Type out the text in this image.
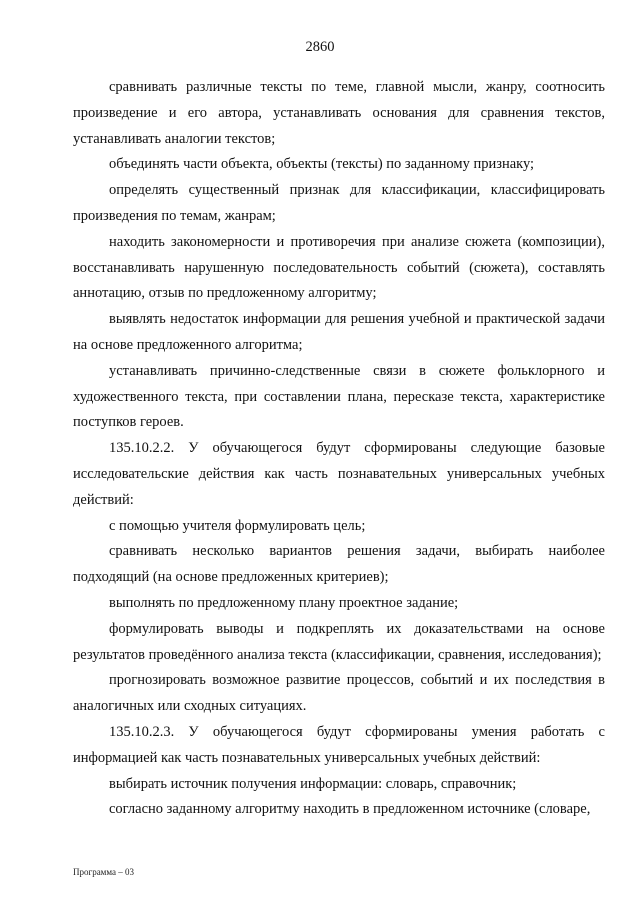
2860

сравнивать различные тексты по теме, главной мысли, жанру, соотносить произведение и его автора, устанавливать основания для сравнения текстов, устанавливать аналогии текстов;

объединять части объекта, объекты (тексты) по заданному признаку;

определять существенный признак для классификации, классифицировать произведения по темам, жанрам;

находить закономерности и противоречия при анализе сюжета (композиции), восстанавливать нарушенную последовательность событий (сюжета), составлять аннотацию, отзыв по предложенному алгоритму;

выявлять недостаток информации для решения учебной и практической задачи на основе предложенного алгоритма;

устанавливать причинно-следственные связи в сюжете фольклорного и художественного текста, при составлении плана, пересказе текста, характеристике поступков героев.

135.10.2.2. У обучающегося будут сформированы следующие базовые исследовательские действия как часть познавательных универсальных учебных действий:

с помощью учителя формулировать цель;

сравнивать несколько вариантов решения задачи, выбирать наиболее подходящий (на основе предложенных критериев);

выполнять по предложенному плану проектное задание;

формулировать выводы и подкреплять их доказательствами на основе результатов проведённого анализа текста (классификации, сравнения, исследования);

прогнозировать возможное развитие процессов, событий и их последствия в аналогичных или сходных ситуациях.

135.10.2.3. У обучающегося будут сформированы умения работать с информацией как часть познавательных универсальных учебных действий:

выбирать источник получения информации: словарь, справочник;

согласно заданному алгоритму находить в предложенном источнике (словаре,

Программа – 03
